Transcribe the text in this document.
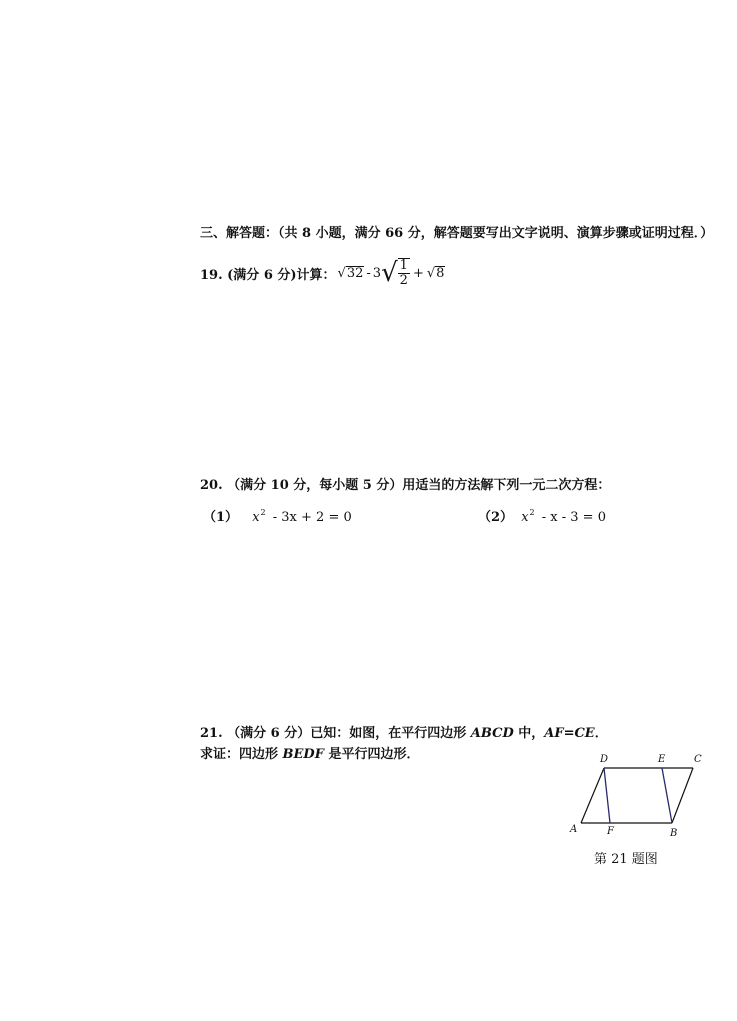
三、解答题：（共 8 小题，满分 66 分，解答题要写出文字说明、演算步骤或证明过程．）
19. (满分 6 分)计算： √ 32 - 3 √ $\frac{1}{2}$ + √ 8
20. （满分 10 分，每小题 5 分）用适当的方法解下列一元二次方程：
（1） $x^2 - 3x + 2 = 0$	（2） $x^2 - x - 3 = 0$
21. （满分 6 分）已知：如图，在平行四边形 ABCD 中，AF=CE．
求证：四边形 BEDF 是平行四边形．
A	B
C
D	E
F
第 21 题图
